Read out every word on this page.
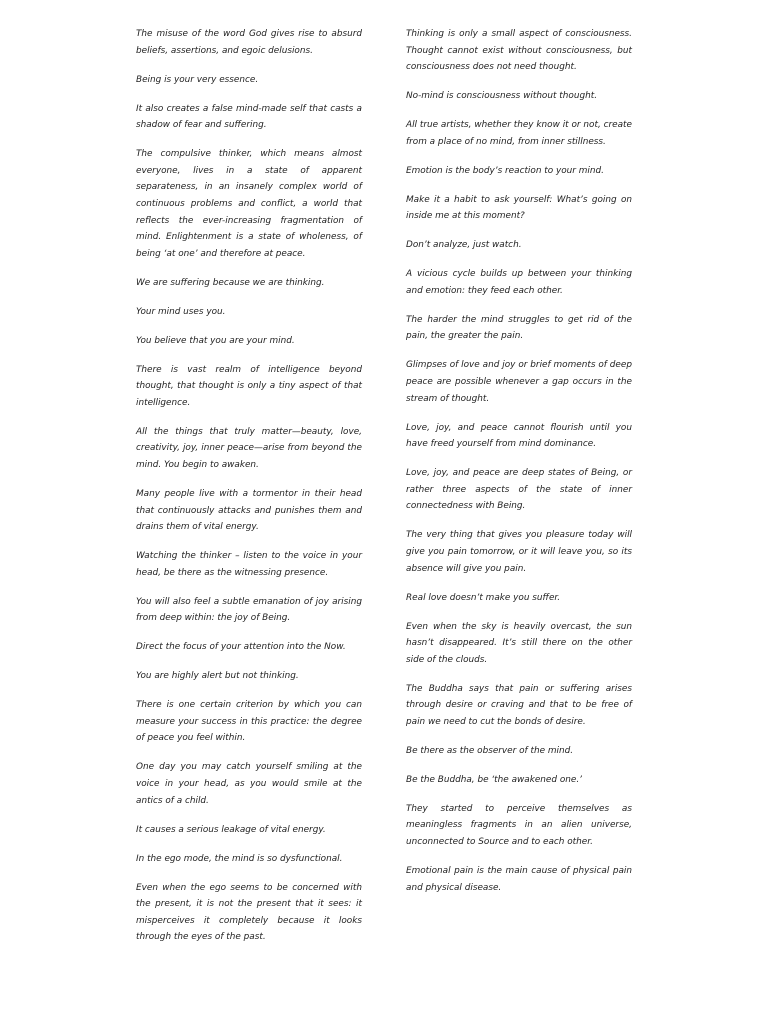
The misuse of the word God gives rise to absurd beliefs, assertions, and egoic delusions.

Being is your very essence.

It also creates a false mind-made self that casts a shadow of fear and suffering.

The compulsive thinker, which means almost everyone, lives in a state of apparent separateness, in an insanely complex world of continuous problems and conflict, a world that reflects the ever-increasing fragmentation of mind. Enlightenment is a state of wholeness, of being ‘at one’ and therefore at peace.

We are suffering because we are thinking.

Your mind uses you.

You believe that you are your mind.

There is vast realm of intelligence beyond thought, that thought is only a tiny aspect of that intelligence.

All the things that truly matter—beauty, love, creativity, joy, inner peace—arise from beyond the mind. You begin to awaken.

Many people live with a tormentor in their head that continuously attacks and punishes them and drains them of vital energy.

Watching the thinker – listen to the voice in your head, be there as the witnessing presence.

You will also feel a subtle emanation of joy arising from deep within: the joy of Being.

Direct the focus of your attention into the Now.

You are highly alert but not thinking.

There is one certain criterion by which you can measure your success in this practice: the degree of peace you feel within.

One day you may catch yourself smiling at the voice in your head, as you would smile at the antics of a child.

It causes a serious leakage of vital energy.

In the ego mode, the mind is so dysfunctional.

Even when the ego seems to be concerned with the present, it is not the present that it sees: it misperceives it completely because it looks through the eyes of the past.

Thinking is only a small aspect of consciousness. Thought cannot exist without consciousness, but consciousness does not need thought.

No-mind is consciousness without thought.

All true artists, whether they know it or not, create from a place of no mind, from inner stillness.

Emotion is the body’s reaction to your mind.

Make it a habit to ask yourself: What’s going on inside me at this moment?

Don’t analyze, just watch.

A vicious cycle builds up between your thinking and emotion: they feed each other.

The harder the mind struggles to get rid of the pain, the greater the pain.

Glimpses of love and joy or brief moments of deep peace are possible whenever a gap occurs in the stream of thought.

Love, joy, and peace cannot flourish until you have freed yourself from mind dominance.

Love, joy, and peace are deep states of Being, or rather three aspects of the state of inner connectedness with Being.

The very thing that gives you pleasure today will give you pain tomorrow, or it will leave you, so its absence will give you pain.

Real love doesn’t make you suffer.

Even when the sky is heavily overcast, the sun hasn’t disappeared. It’s still there on the other side of the clouds.

The Buddha says that pain or suffering arises through desire or craving and that to be free of pain we need to cut the bonds of desire.

Be there as the observer of the mind.

Be the Buddha, be ‘the awakened one.’

They started to perceive themselves as meaningless fragments in an alien universe, unconnected to Source and to each other.

Emotional pain is the main cause of physical pain and physical disease.
